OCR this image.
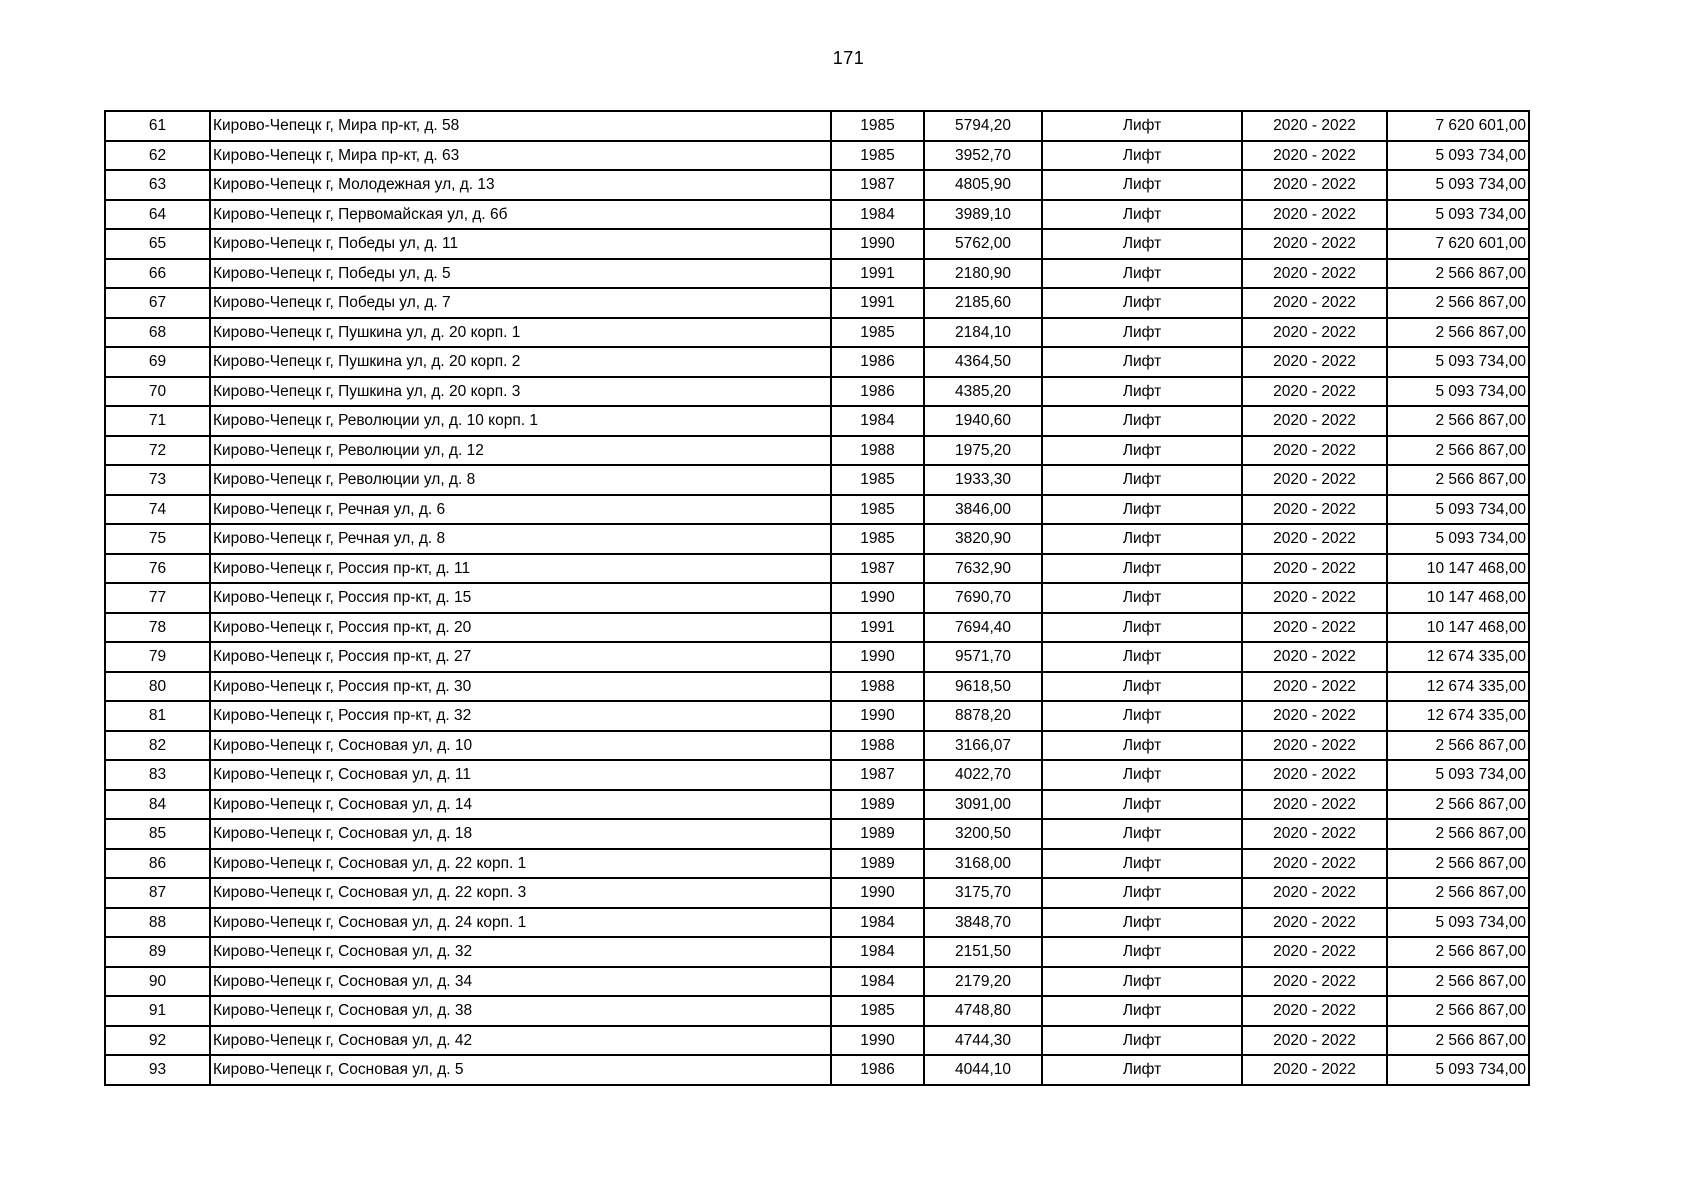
171
61	Кирово-Чепецк г, Мира пр-кт, д. 58	1985	5794,20	Лифт	2020 - 2022	7 620 601,00
62	Кирово-Чепецк г, Мира пр-кт, д. 63	1985	3952,70	Лифт	2020 - 2022	5 093 734,00
63	Кирово-Чепецк г, Молодежная ул, д. 13	1987	4805,90	Лифт	2020 - 2022	5 093 734,00
64	Кирово-Чепецк г, Первомайская ул, д. 6б	1984	3989,10	Лифт	2020 - 2022	5 093 734,00
65	Кирово-Чепецк г, Победы ул, д. 11	1990	5762,00	Лифт	2020 - 2022	7 620 601,00
66	Кирово-Чепецк г, Победы ул, д. 5	1991	2180,90	Лифт	2020 - 2022	2 566 867,00
67	Кирово-Чепецк г, Победы ул, д. 7	1991	2185,60	Лифт	2020 - 2022	2 566 867,00
68	Кирово-Чепецк г, Пушкина ул, д. 20 корп. 1	1985	2184,10	Лифт	2020 - 2022	2 566 867,00
69	Кирово-Чепецк г, Пушкина ул, д. 20 корп. 2	1986	4364,50	Лифт	2020 - 2022	5 093 734,00
70	Кирово-Чепецк г, Пушкина ул, д. 20 корп. 3	1986	4385,20	Лифт	2020 - 2022	5 093 734,00
71	Кирово-Чепецк г, Революции ул, д. 10 корп. 1	1984	1940,60	Лифт	2020 - 2022	2 566 867,00
72	Кирово-Чепецк г, Революции ул, д. 12	1988	1975,20	Лифт	2020 - 2022	2 566 867,00
73	Кирово-Чепецк г, Революции ул, д. 8	1985	1933,30	Лифт	2020 - 2022	2 566 867,00
74	Кирово-Чепецк г, Речная ул, д. 6	1985	3846,00	Лифт	2020 - 2022	5 093 734,00
75	Кирово-Чепецк г, Речная ул, д. 8	1985	3820,90	Лифт	2020 - 2022	5 093 734,00
76	Кирово-Чепецк г, Россия пр-кт, д. 11	1987	7632,90	Лифт	2020 - 2022	10 147 468,00
77	Кирово-Чепецк г, Россия пр-кт, д. 15	1990	7690,70	Лифт	2020 - 2022	10 147 468,00
78	Кирово-Чепецк г, Россия пр-кт, д. 20	1991	7694,40	Лифт	2020 - 2022	10 147 468,00
79	Кирово-Чепецк г, Россия пр-кт, д. 27	1990	9571,70	Лифт	2020 - 2022	12 674 335,00
80	Кирово-Чепецк г, Россия пр-кт, д. 30	1988	9618,50	Лифт	2020 - 2022	12 674 335,00
81	Кирово-Чепецк г, Россия пр-кт, д. 32	1990	8878,20	Лифт	2020 - 2022	12 674 335,00
82	Кирово-Чепецк г, Сосновая ул, д. 10	1988	3166,07	Лифт	2020 - 2022	2 566 867,00
83	Кирово-Чепецк г, Сосновая ул, д. 11	1987	4022,70	Лифт	2020 - 2022	5 093 734,00
84	Кирово-Чепецк г, Сосновая ул, д. 14	1989	3091,00	Лифт	2020 - 2022	2 566 867,00
85	Кирово-Чепецк г, Сосновая ул, д. 18	1989	3200,50	Лифт	2020 - 2022	2 566 867,00
86	Кирово-Чепецк г, Сосновая ул, д. 22 корп. 1	1989	3168,00	Лифт	2020 - 2022	2 566 867,00
87	Кирово-Чепецк г, Сосновая ул, д. 22 корп. 3	1990	3175,70	Лифт	2020 - 2022	2 566 867,00
88	Кирово-Чепецк г, Сосновая ул, д. 24 корп. 1	1984	3848,70	Лифт	2020 - 2022	5 093 734,00
89	Кирово-Чепецк г, Сосновая ул, д. 32	1984	2151,50	Лифт	2020 - 2022	2 566 867,00
90	Кирово-Чепецк г, Сосновая ул, д. 34	1984	2179,20	Лифт	2020 - 2022	2 566 867,00
91	Кирово-Чепецк г, Сосновая ул, д. 38	1985	4748,80	Лифт	2020 - 2022	2 566 867,00
92	Кирово-Чепецк г, Сосновая ул, д. 42	1990	4744,30	Лифт	2020 - 2022	2 566 867,00
93	Кирово-Чепецк г, Сосновая ул, д. 5	1986	4044,10	Лифт	2020 - 2022	5 093 734,00
